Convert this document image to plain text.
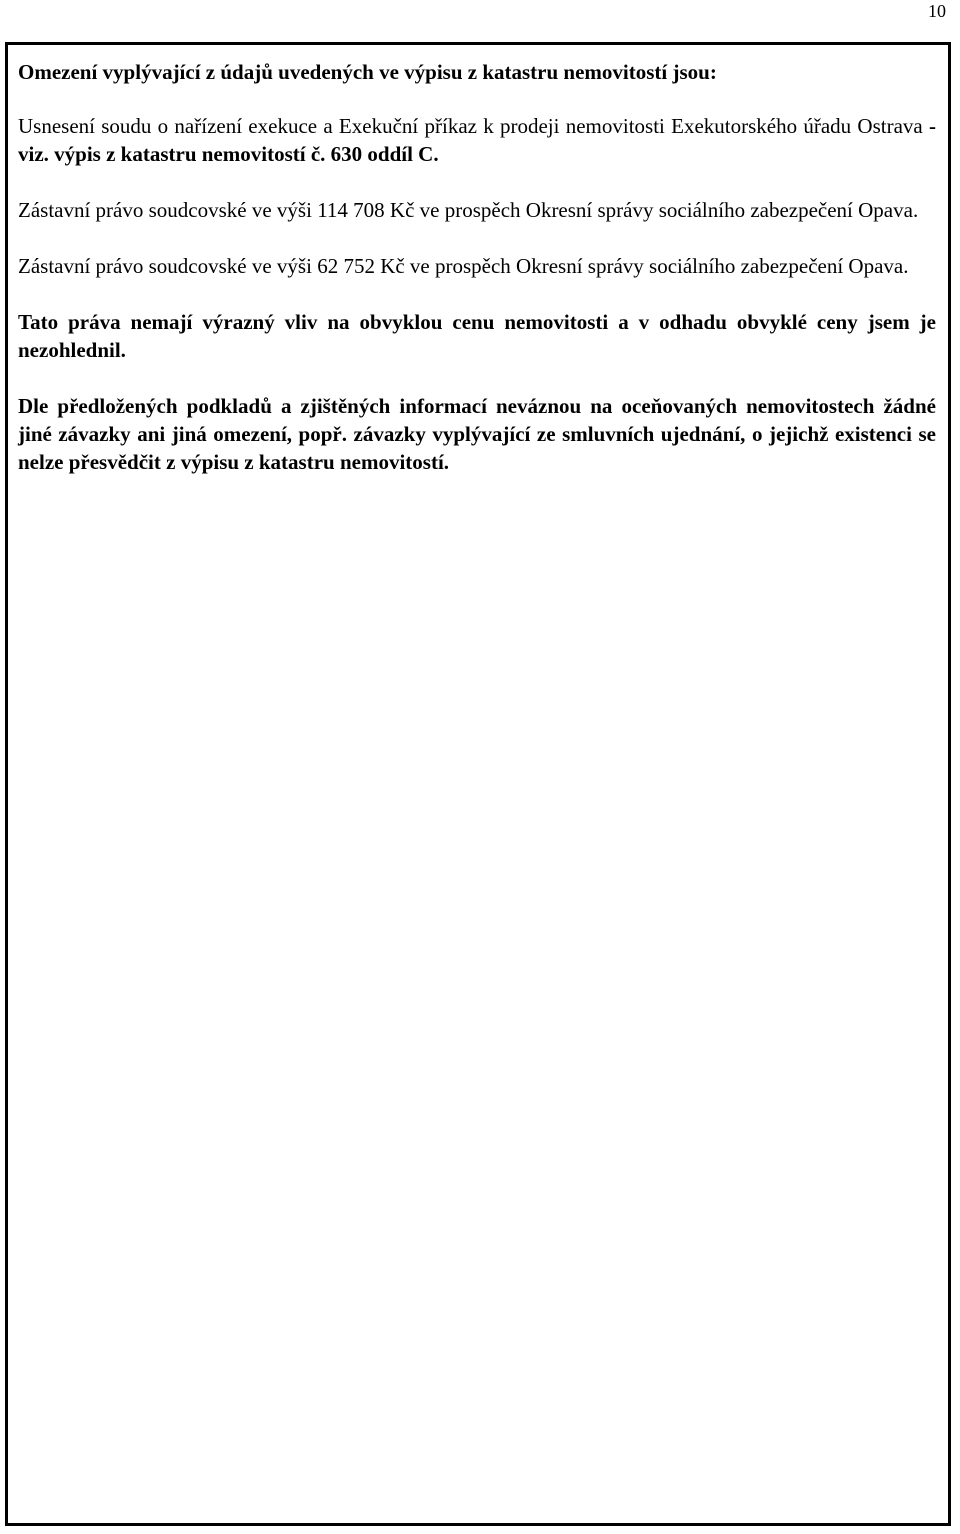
10

Omezení vyplývající z údajů uvedených ve výpisu z katastru nemovitostí jsou:

Usnesení soudu o nařízení exekuce a Exekuční příkaz k prodeji nemovitosti Exekutorského úřadu Ostrava - viz. výpis z katastru nemovitostí č. 630 oddíl C.

Zástavní právo soudcovské ve výši 114 708 Kč ve prospěch Okresní správy sociálního zabezpečení Opava.

Zástavní právo soudcovské ve výši 62 752 Kč ve prospěch Okresní správy sociálního zabezpečení Opava.

Tato práva nemají výrazný vliv na obvyklou cenu nemovitosti a v odhadu obvyklé ceny jsem je nezohlednil.

Dle předložených podkladů a zjištěných informací neváznou na oceňovaných nemovitostech žádné jiné závazky ani jiná omezení, popř. závazky vyplývající ze smluvních ujednání, o jejichž existenci se nelze přesvědčit z výpisu z katastru nemovitostí.
